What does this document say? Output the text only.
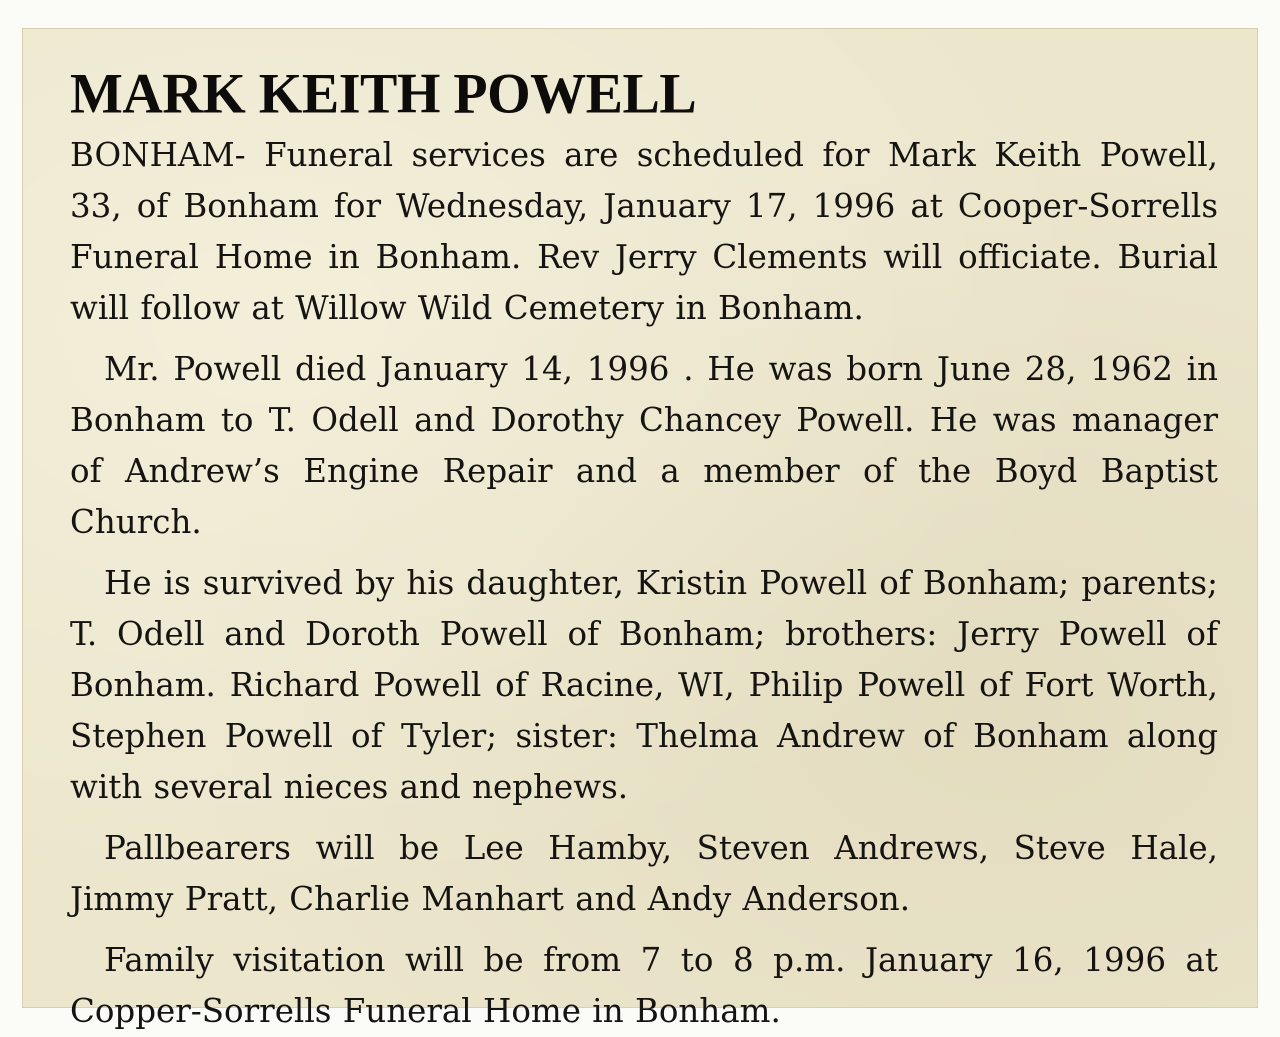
MARK KEITH POWELL

BONHAM- Funeral services are scheduled for Mark Keith Powell, 33, of Bonham for Wednesday, January 17, 1996 at Cooper-Sorrells Funeral Home in Bonham. Rev Jerry Clements will officiate. Burial will follow at Willow Wild Cemetery in Bonham.

Mr. Powell died January 14, 1996 . He was born June 28, 1962 in Bonham to T. Odell and Dorothy Chancey Powell. He was manager of Andrew’s Engine Repair and a member of the Boyd Baptist Church.

He is survived by his daughter, Kristin Powell of Bonham; parents; T. Odell and Doroth Powell of Bonham; brothers: Jerry Powell of Bonham. Richard Powell of Racine, WI, Philip Powell of Fort Worth, Stephen Powell of Tyler; sister: Thelma Andrew of Bonham along with several nieces and nephews.

Pallbearers will be Lee Hamby, Steven Andrews, Steve Hale, Jimmy Pratt, Charlie Manhart and Andy Anderson.

Family visitation will be from 7 to 8 p.m. January 16, 1996 at Copper-Sorrells Funeral Home in Bonham.
